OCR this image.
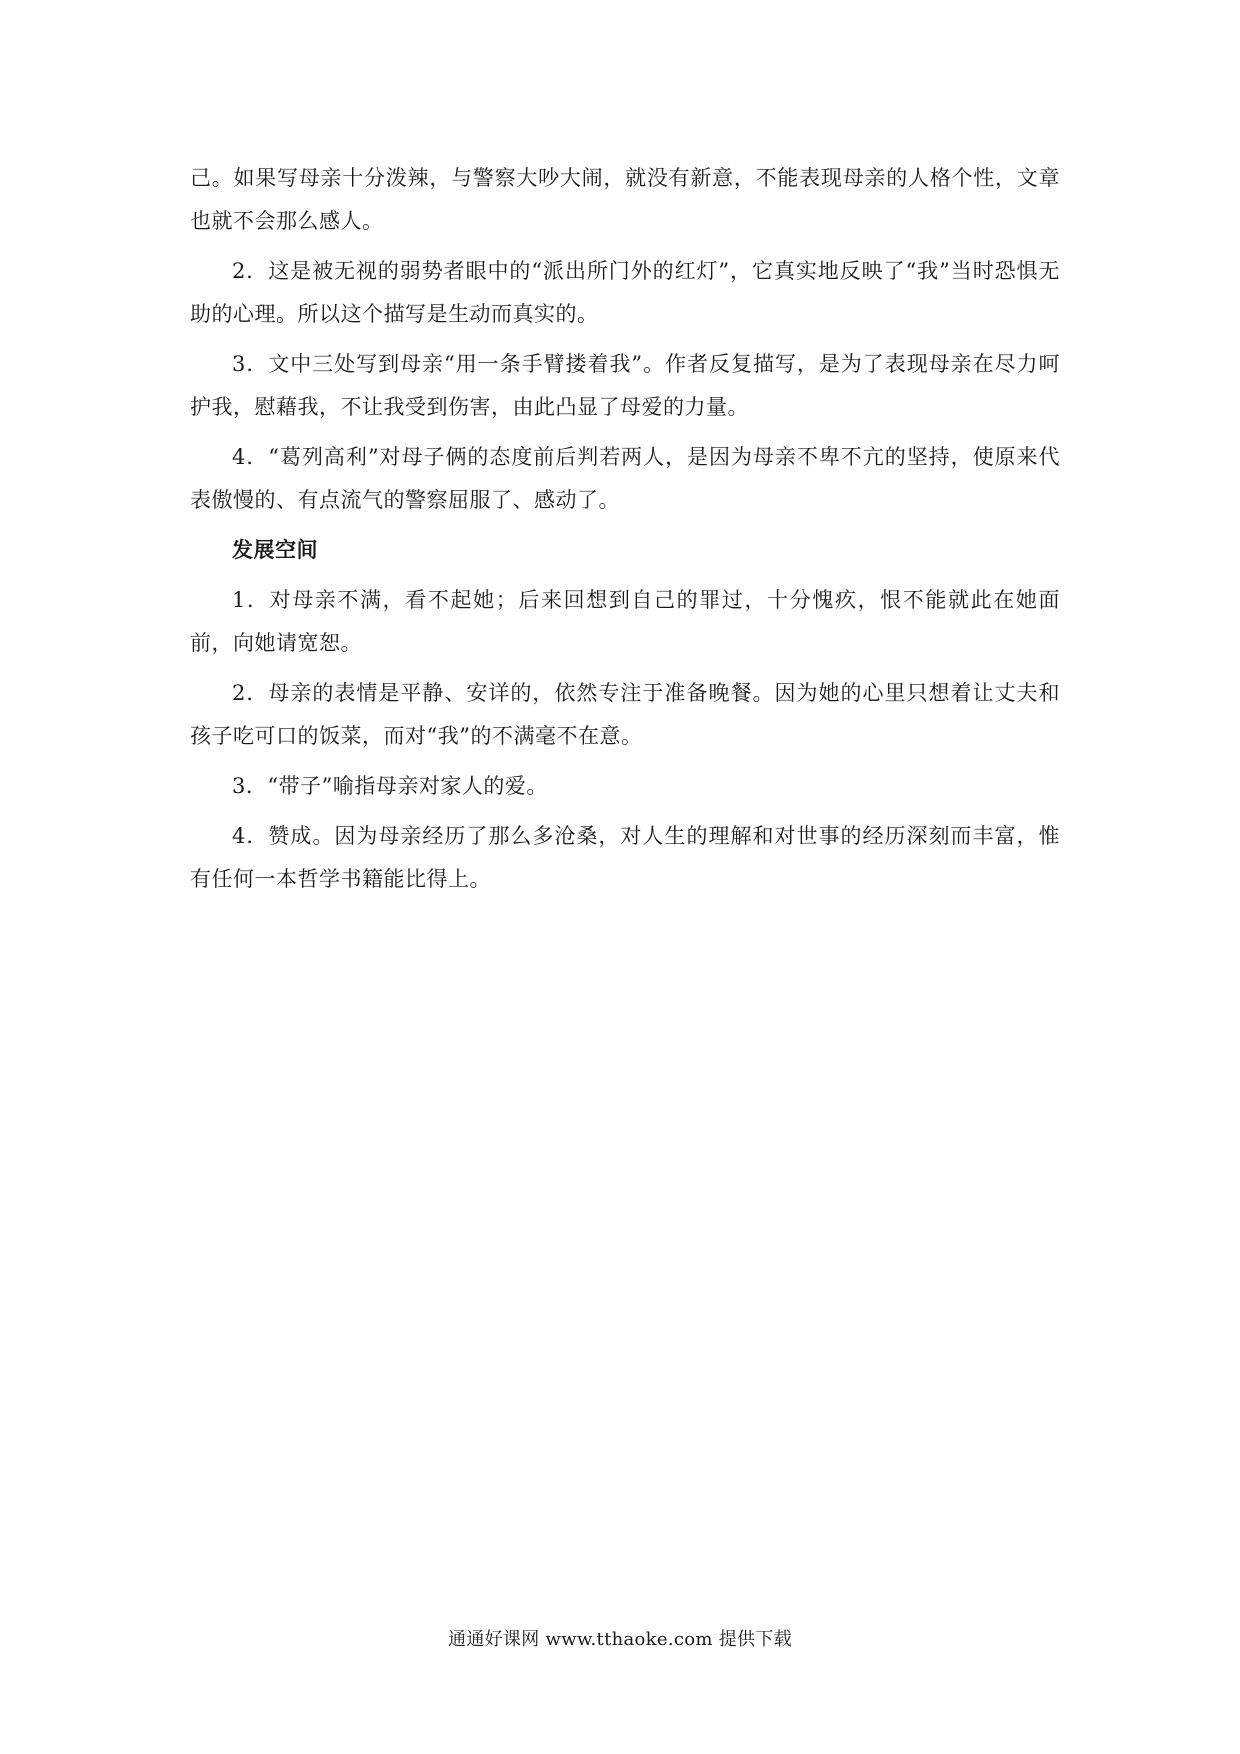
己。如果写母亲十分泼辣，与警察大吵大闹，就没有新意，不能表现母亲的人格个性，文章也就不会那么感人。

2．这是被无视的弱势者眼中的“派出所门外的红灯”，它真实地反映了“我”当时恐惧无助的心理。所以这个描写是生动而真实的。

3．文中三处写到母亲“用一条手臂搂着我”。作者反复描写，是为了表现母亲在尽力呵护我，慰藉我，不让我受到伤害，由此凸显了母爱的力量。

4．“葛列高利”对母子俩的态度前后判若两人，是因为母亲不卑不亢的坚持，使原来代表傲慢的、有点流气的警察屈服了、感动了。

发展空间

1．对母亲不满，看不起她；后来回想到自己的罪过，十分愧疚，恨不能就此在她面前，向她请宽恕。

2．母亲的表情是平静、安详的，依然专注于准备晚餐。因为她的心里只想着让丈夫和孩子吃可口的饭菜，而对“我”的不满毫不在意。

3．“带子”喻指母亲对家人的爱。

4．赞成。因为母亲经历了那么多沧桑，对人生的理解和对世事的经历深刻而丰富，惟有任何一本哲学书籍能比得上。

通通好课网 www.tthaoke.com 提供下载
